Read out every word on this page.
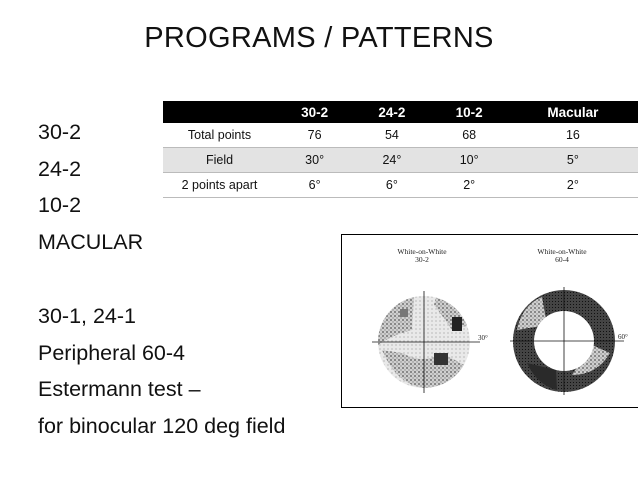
PROGRAMS / PATTERNS
30-2
24-2
10-2
MACULAR
30-1, 24-1
Peripheral 60-4
Estermann test –
for binocular 120 deg field
	30-2	24-2	10-2	Macular
Total points	76	54	68	16
Field	30°	24°	10°	5°
2 points apart	6°	6°	2°	2°
White-on-White
30-2
White-on-White
60-4
30°	60°
